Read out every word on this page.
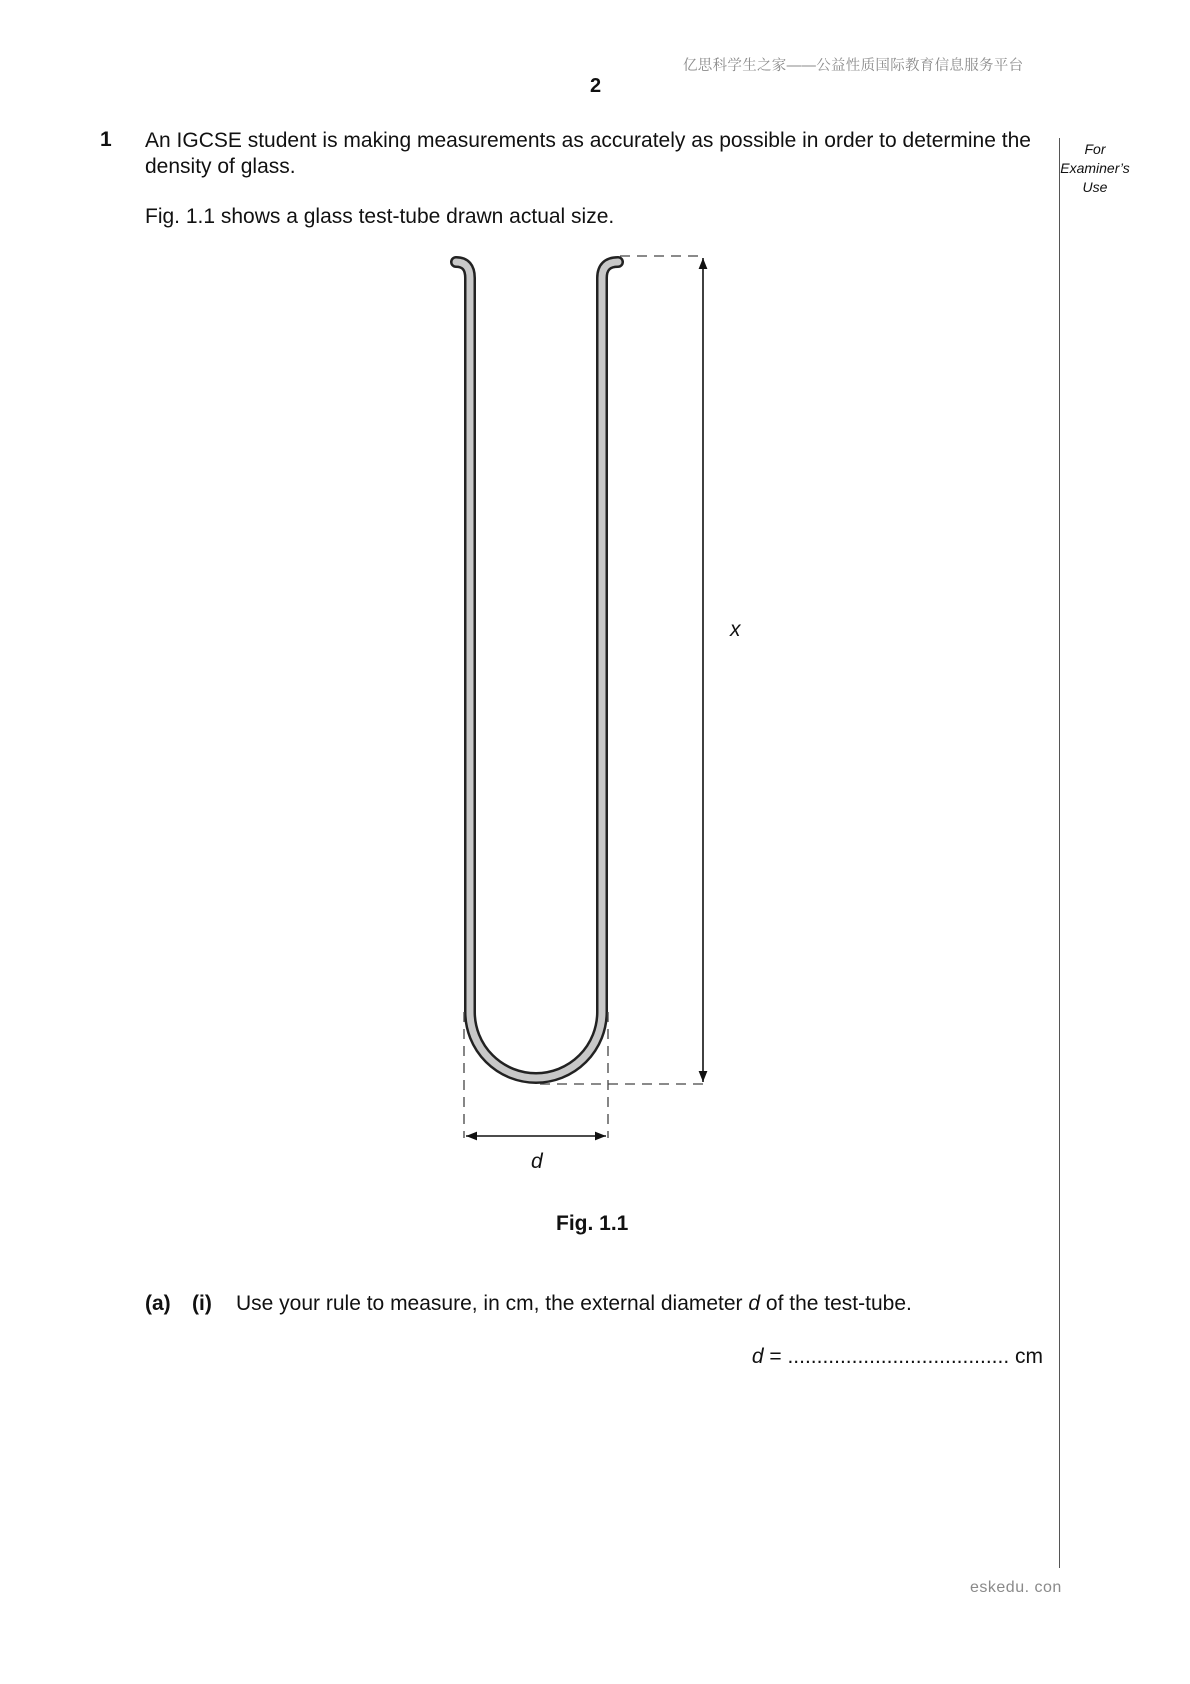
亿思科学生之家——公益性质国际教育信息服务平台
2
1 An IGCSE student is making measurements as accurately as possible in order to determine the density of glass.
Fig. 1.1 shows a glass test-tube drawn actual size.
For
Examiner’s
Use
x
d
Fig. 1.1
(a) (i) Use your rule to measure, in cm, the external diameter d of the test-tube.
d = ...................................... cm
eskedu. con
